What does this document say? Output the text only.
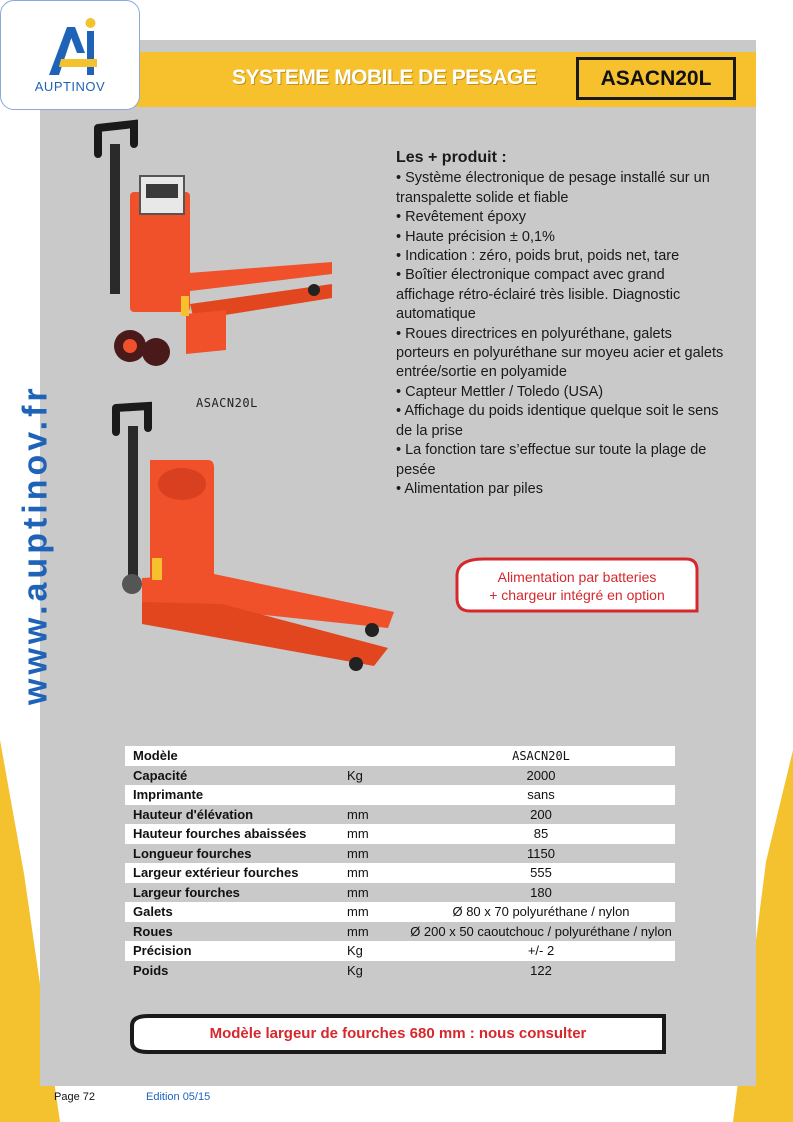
SYSTEME MOBILE DE PESAGE	ASACN20L
AUPTINOV
www.auptinov.fr	ASACN20L
Les + produit :
• Système électronique de pesage installé sur un transpalette solide et fiable
• Revêtement époxy
• Haute précision ± 0,1%
• Indication : zéro, poids brut, poids net, tare
• Boîtier électronique compact avec grand affichage rétro-éclairé très lisible. Diagnostic automatique
• Roues directrices en polyuréthane, galets porteurs en polyuréthane sur moyeu acier et galets entrée/sortie en polyamide
• Capteur Mettler / Toledo (USA)
• Affichage du poids identique quelque soit le sens de la prise
• La fonction tare s’effectue sur toute la plage de pesée
• Alimentation par piles
Alimentation par batteries
+ chargeur intégré en option
Modèle		ASACN20L
Capacité	Kg	2000
Imprimante		sans
Hauteur d'élévation	mm	200
Hauteur fourches abaissées	mm	85
Longueur fourches	mm	1150
Largeur extérieur fourches	mm	555
Largeur fourches	mm	180
Galets	mm	Ø 80 x 70 polyuréthane / nylon
Roues	mm	Ø 200 x 50 caoutchouc / polyuréthane / nylon
Précision	Kg	+/- 2
Poids	Kg	122
Modèle largeur de fourches 680 mm : nous consulter
Page 72	Edition 05/15
